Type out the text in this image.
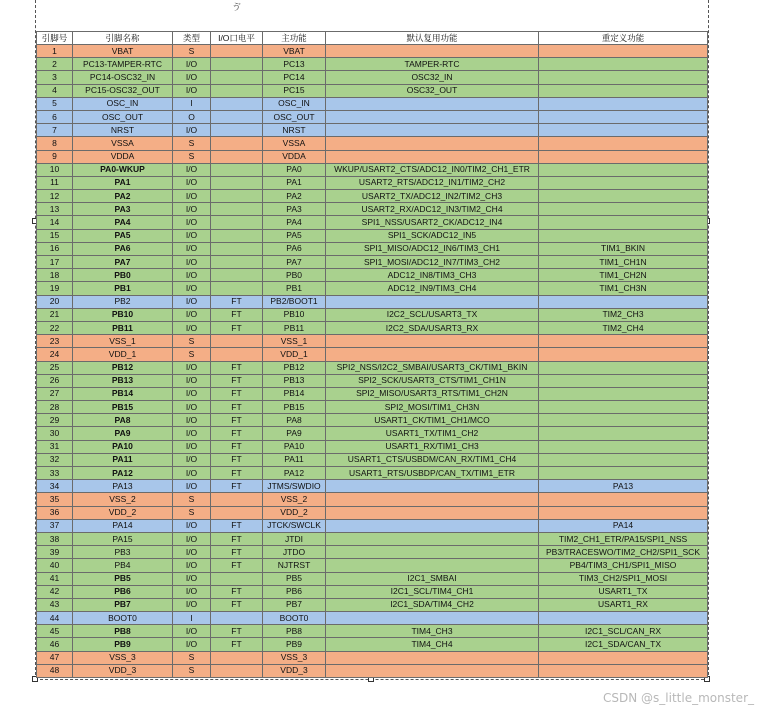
ゔ
引脚号	引脚名称	类型	I/O口电平	主功能	默认复用功能	重定义功能
1	VBAT	S		VBAT		
2	PC13-TAMPER-RTC	I/O		PC13	TAMPER-RTC	
3	PC14-OSC32_IN	I/O		PC14	OSC32_IN	
4	PC15-OSC32_OUT	I/O		PC15	OSC32_OUT	
5	OSC_IN	I		OSC_IN		
6	OSC_OUT	O		OSC_OUT		
7	NRST	I/O		NRST		
8	VSSA	S		VSSA		
9	VDDA	S		VDDA		
10	PA0-WKUP	I/O		PA0	WKUP/USART2_CTS/ADC12_IN0/TIM2_CH1_ETR	
11	PA1	I/O		PA1	USART2_RTS/ADC12_IN1/TIM2_CH2	
12	PA2	I/O		PA2	USART2_TX/ADC12_IN2/TIM2_CH3	
13	PA3	I/O		PA3	USART2_RX/ADC12_IN3/TIM2_CH4	
14	PA4	I/O		PA4	SPI1_NSS/USART2_CK/ADC12_IN4	
15	PA5	I/O		PA5	SPI1_SCK/ADC12_IN5	
16	PA6	I/O		PA6	SPI1_MISO/ADC12_IN6/TIM3_CH1	TIM1_BKIN
17	PA7	I/O		PA7	SPI1_MOSI/ADC12_IN7/TIM3_CH2	TIM1_CH1N
18	PB0	I/O		PB0	ADC12_IN8/TIM3_CH3	TIM1_CH2N
19	PB1	I/O		PB1	ADC12_IN9/TIM3_CH4	TIM1_CH3N
20	PB2	I/O	FT	PB2/BOOT1		
21	PB10	I/O	FT	PB10	I2C2_SCL/USART3_TX	TIM2_CH3
22	PB11	I/O	FT	PB11	I2C2_SDA/USART3_RX	TIM2_CH4
23	VSS_1	S		VSS_1		
24	VDD_1	S		VDD_1		
25	PB12	I/O	FT	PB12	SPI2_NSS/I2C2_SMBAI/USART3_CK/TIM1_BKIN	
26	PB13	I/O	FT	PB13	SPI2_SCK/USART3_CTS/TIM1_CH1N	
27	PB14	I/O	FT	PB14	SPI2_MISO/USART3_RTS/TIM1_CH2N	
28	PB15	I/O	FT	PB15	SPI2_MOSI/TIM1_CH3N	
29	PA8	I/O	FT	PA8	USART1_CK/TIM1_CH1/MCO	
30	PA9	I/O	FT	PA9	USART1_TX/TIM1_CH2	
31	PA10	I/O	FT	PA10	USART1_RX/TIM1_CH3	
32	PA11	I/O	FT	PA11	USART1_CTS/USBDM/CAN_RX/TIM1_CH4	
33	PA12	I/O	FT	PA12	USART1_RTS/USBDP/CAN_TX/TIM1_ETR	
34	PA13	I/O	FT	JTMS/SWDIO		PA13
35	VSS_2	S		VSS_2		
36	VDD_2	S		VDD_2		
37	PA14	I/O	FT	JTCK/SWCLK		PA14
38	PA15	I/O	FT	JTDI		TIM2_CH1_ETR/PA15/SPI1_NSS
39	PB3	I/O	FT	JTDO		PB3/TRACESWO/TIM2_CH2/SPI1_SCK
40	PB4	I/O	FT	NJTRST		PB4/TIM3_CH1/SPI1_MISO
41	PB5	I/O		PB5	I2C1_SMBAI	TIM3_CH2/SPI1_MOSI
42	PB6	I/O	FT	PB6	I2C1_SCL/TIM4_CH1	USART1_TX
43	PB7	I/O	FT	PB7	I2C1_SDA/TIM4_CH2	USART1_RX
44	BOOT0	I		BOOT0		
45	PB8	I/O	FT	PB8	TIM4_CH3	I2C1_SCL/CAN_RX
46	PB9	I/O	FT	PB9	TIM4_CH4	I2C1_SDA/CAN_TX
47	VSS_3	S		VSS_3		
48	VDD_3	S		VDD_3		
CSDN @s_little_monster_
